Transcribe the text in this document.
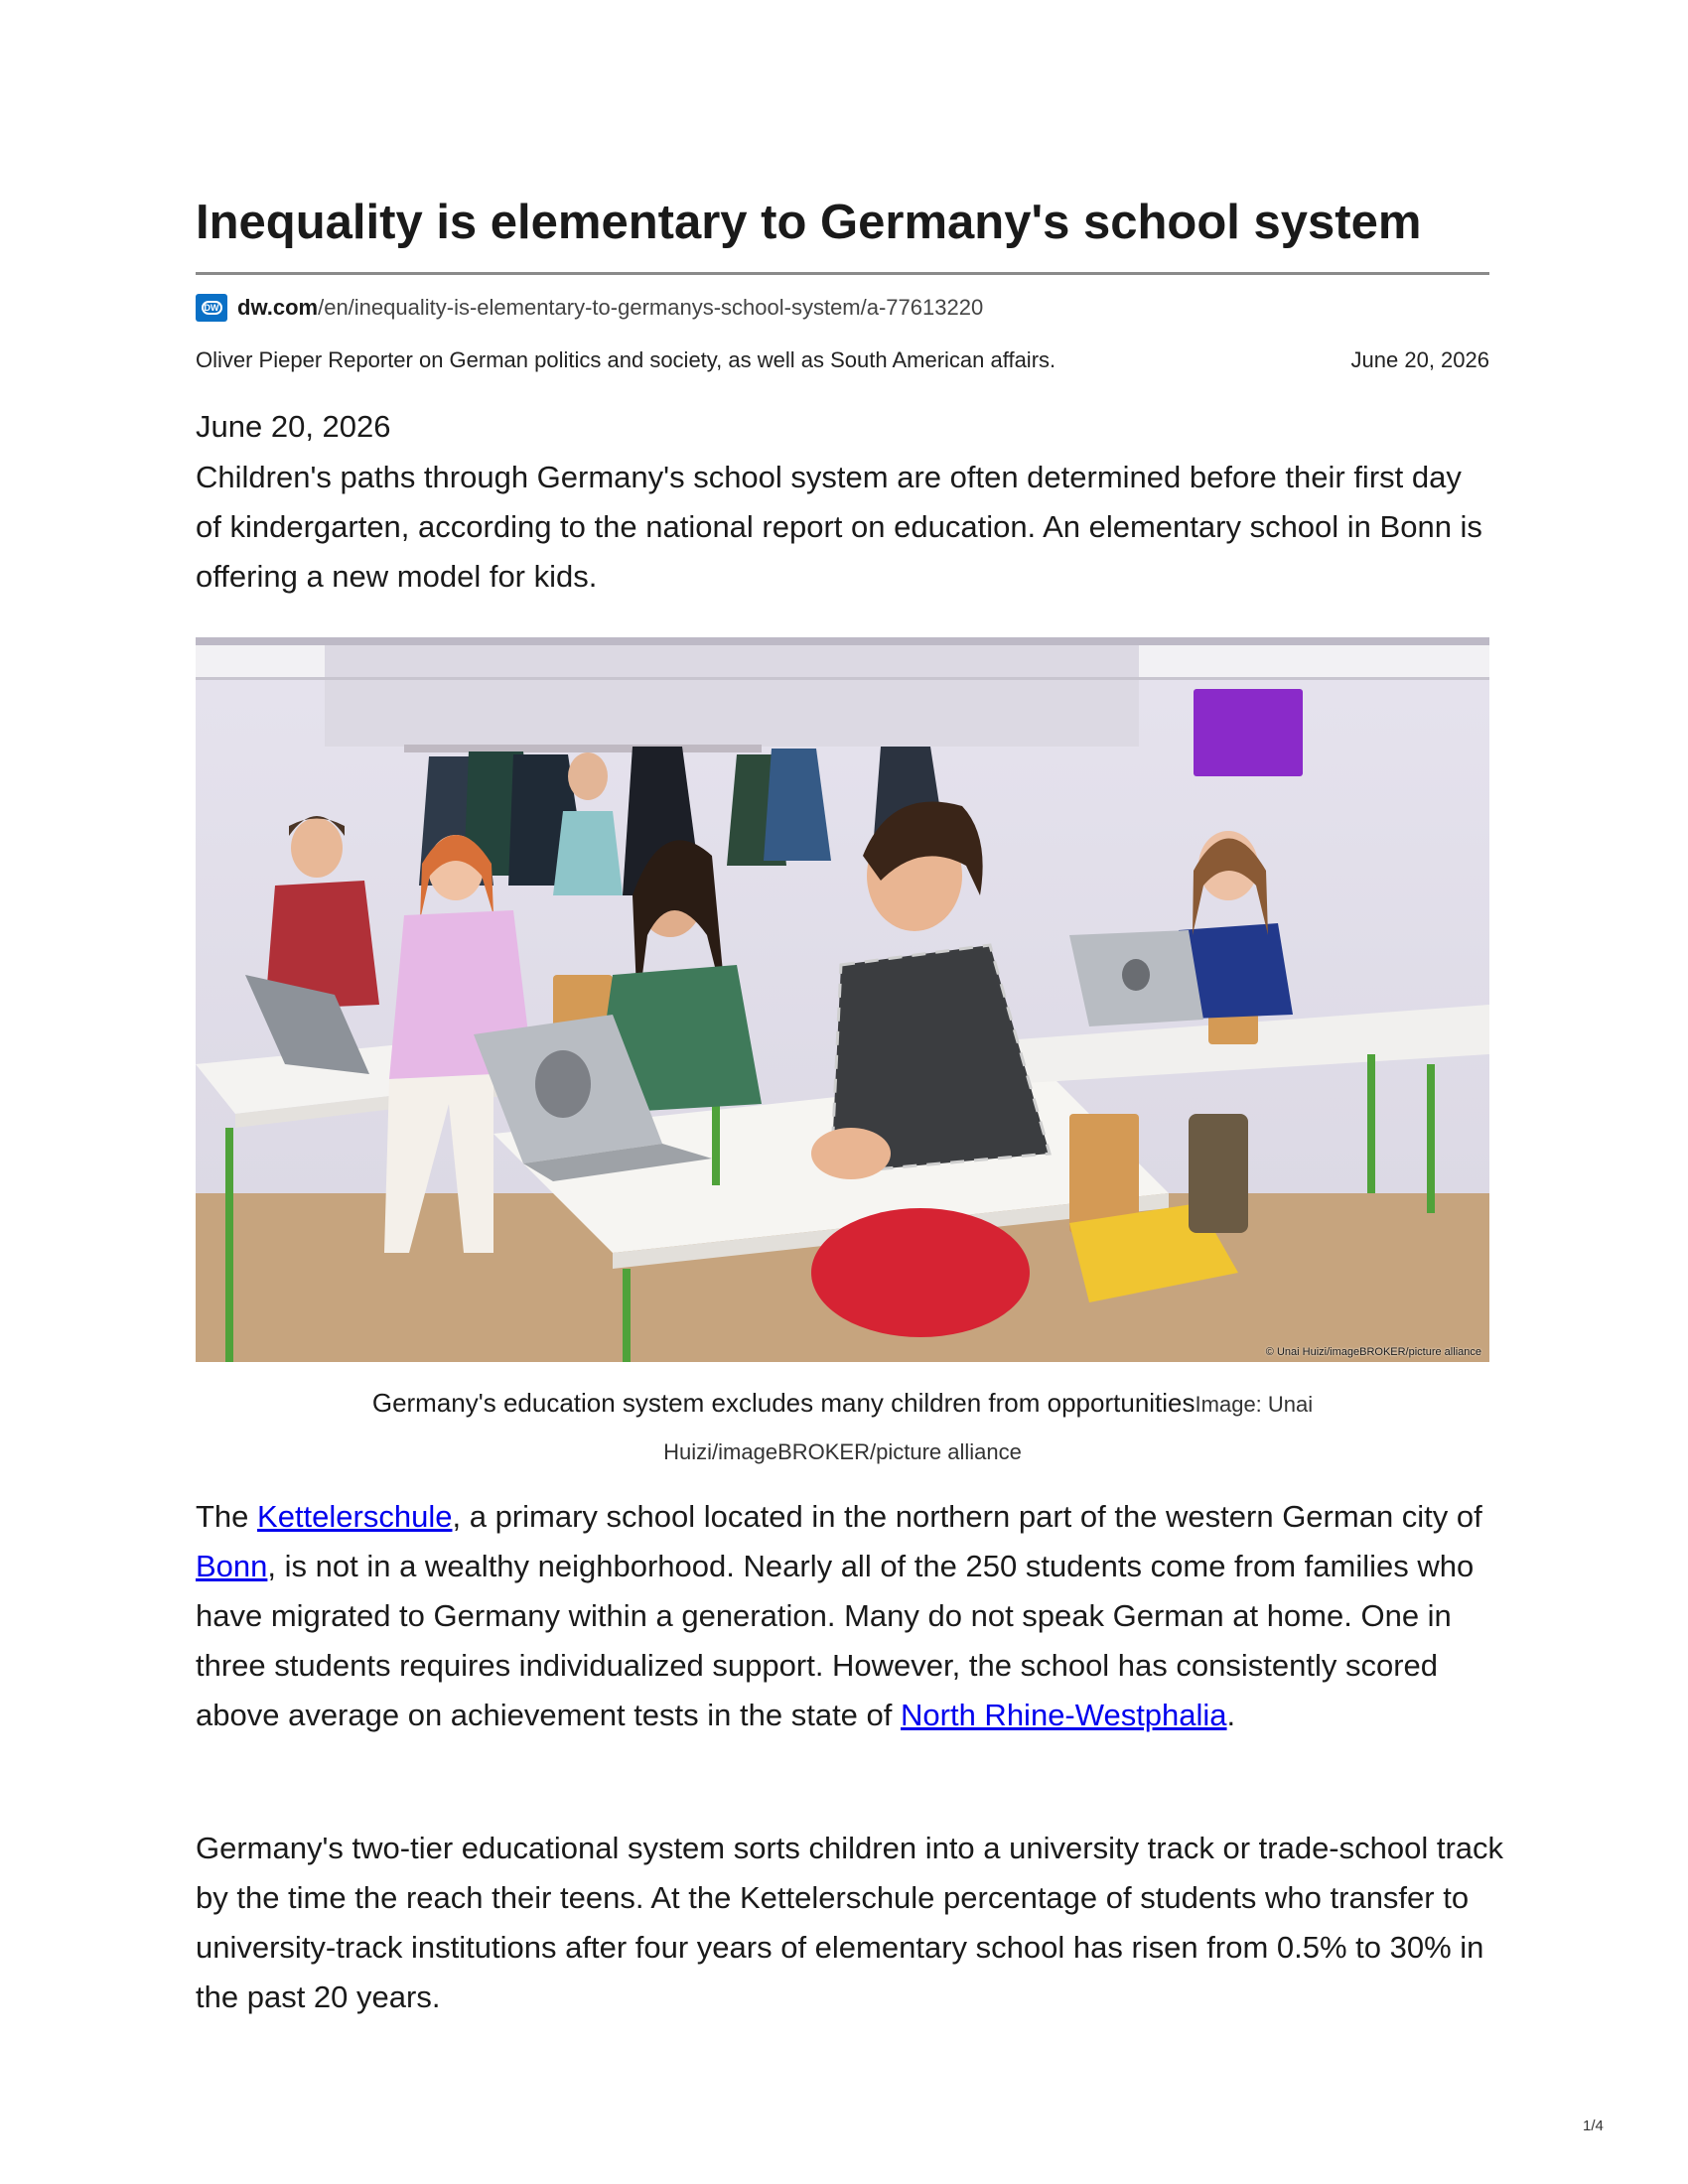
Inequality is elementary to Germany's school system
DW dw.com/en/inequality-is-elementary-to-germanys-school-system/a-77613220
Oliver Pieper Reporter on German politics and society, as well as South American affairs.	June 20, 2026
June 20, 2026

Children's paths through Germany's school system are often determined before their first day of kindergarten, according to the national report on education. An elementary school in Bonn is offering a new model for kids.

© Unai Huizi/imageBROKER/picture alliance
Germany's education system excludes many children from opportunitiesImage: Unai Huizi/imageBROKER/picture alliance

The Kettelerschule, a primary school located in the northern part of the western German city of Bonn, is not in a wealthy neighborhood. Nearly all of the 250 students come from families who have migrated to Germany within a generation. Many do not speak German at home. One in three students requires individualized support. However, the school has consistently scored above average on achievement tests in the state of North Rhine-Westphalia.

Germany's two-tier educational system sorts children into a university track or trade-school track by the time the reach their teens. At the Kettelerschule percentage of students who transfer to university-track institutions after four years of elementary school has risen from 0.5% to 30% in the past 20 years.

1/4
